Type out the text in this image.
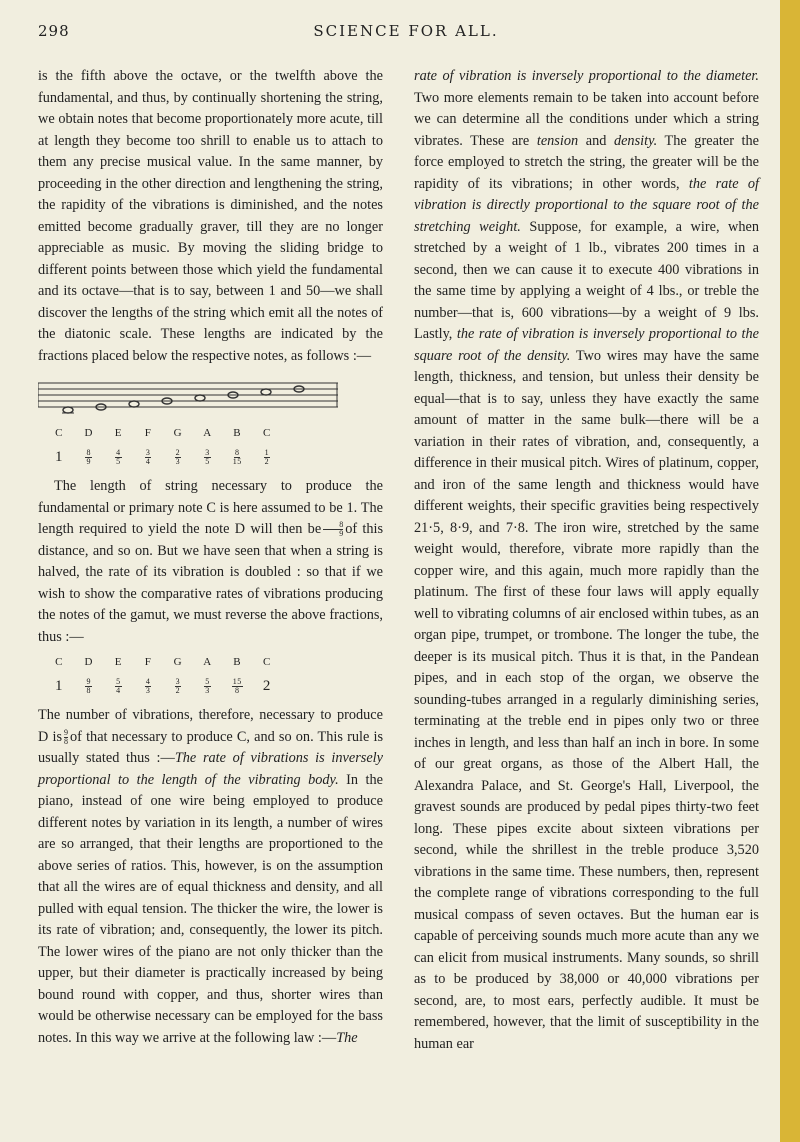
298	SCIENCE FOR ALL.

is the fifth above the octave, or the twelfth above the fundamental, and thus, by continually shortening the string, we obtain notes that become proportionately more acute, till at length they become too shrill to enable us to attach to them any precise musical value. In the same manner, by proceeding in the other direction and lengthening the string, the rapidity of the vibrations is diminished, and the notes emitted become gradually graver, till they are no longer appreciable as music. By moving the sliding bridge to different points between those which yield the fundamental and its octave—that is to say, between 1 and 50—we shall discover the lengths of the string which emit all the notes of the diatonic scale. These lengths are indicated by the fractions placed below the respective notes, as follows :—

C	D	E	F	G	A	B	C
1	$\frac{8}{9} \frac{4}{5} \frac{3}{4} \frac{2}{3} \frac{3}{5} \frac{8}{15} \frac{1}{2}$

The length of string necessary to produce the fundamental or primary note C is here assumed to be 1. The length required to yield the note D will then be $\frac{8}{9}$ of this distance, and so on. But we have seen that when a string is halved, the rate of its vibration is doubled : so that if we wish to show the comparative rates of vibrations producing the notes of the gamut, we must reverse the above fractions, thus :—

C	D	E	F	G	A	B	C
1	$\frac{9}{8} \frac{5}{4} \frac{4}{3} \frac{3}{2} \frac{5}{3} \frac{15}{8} 2$

The number of vibrations, therefore, necessary to produce D is $\frac{9}{8}$ of that necessary to produce C, and so on. This rule is usually stated thus :—The rate of vibrations is inversely proportional to the length of the vibrating body. In the piano, instead of one wire being employed to produce different notes by variation in its length, a number of wires are so arranged, that their lengths are proportioned to the above series of ratios. This, however, is on the assumption that all the wires are of equal thickness and density, and all pulled with equal tension. The thicker the wire, the lower is its rate of vibration; and, consequently, the lower its pitch. The lower wires of the piano are not only thicker than the upper, but their diameter is practically increased by being bound round with copper, and thus, shorter wires than would be otherwise necessary can be employed for the bass notes. In this way we arrive at the following law :—The

rate of vibration is inversely proportional to the diameter. Two more elements remain to be taken into account before we can determine all the conditions under which a string vibrates. These are tension and density. The greater the force employed to stretch the string, the greater will be the rapidity of its vibrations; in other words, the rate of vibration is directly proportional to the square root of the stretching weight. Suppose, for example, a wire, when stretched by a weight of 1 lb., vibrates 200 times in a second, then we can cause it to execute 400 vibrations in the same time by applying a weight of 4 lbs., or treble the number—that is, 600 vibrations—by a weight of 9 lbs. Lastly, the rate of vibration is inversely proportional to the square root of the density. Two wires may have the same length, thickness, and tension, but unless their density be equal—that is to say, unless they have exactly the same amount of matter in the same bulk—there will be a variation in their rates of vibration, and, consequently, a difference in their musical pitch. Wires of platinum, copper, and iron of the same length and thickness would have different weights, their specific gravities being respectively 21·5, 8·9, and 7·8. The iron wire, stretched by the same weight would, therefore, vibrate more rapidly than the copper wire, and this again, much more rapidly than the platinum. The first of these four laws will apply equally well to vibrating columns of air enclosed within tubes, as an organ pipe, trumpet, or trombone. The longer the tube, the deeper is its musical pitch. Thus it is that, in the Pandean pipes, and in each stop of the organ, we observe the sounding-tubes arranged in a regularly diminishing series, terminating at the treble end in pipes only two or three inches in length, and less than half an inch in bore. In some of our great organs, as those of the Albert Hall, the Alexandra Palace, and St. George's Hall, Liverpool, the gravest sounds are produced by pedal pipes thirty-two feet long. These pipes excite about sixteen vibrations per second, while the shrillest in the treble produce 3,520 vibrations in the same time. These numbers, then, represent the complete range of vibrations corresponding to the full musical compass of seven octaves. But the human ear is capable of perceiving sounds much more acute than any we can elicit from musical instruments. Many sounds, so shrill as to be produced by 38,000 or 40,000 vibrations per second, are, to most ears, perfectly audible. It must be remembered, however, that the limit of susceptibility in the human ear
